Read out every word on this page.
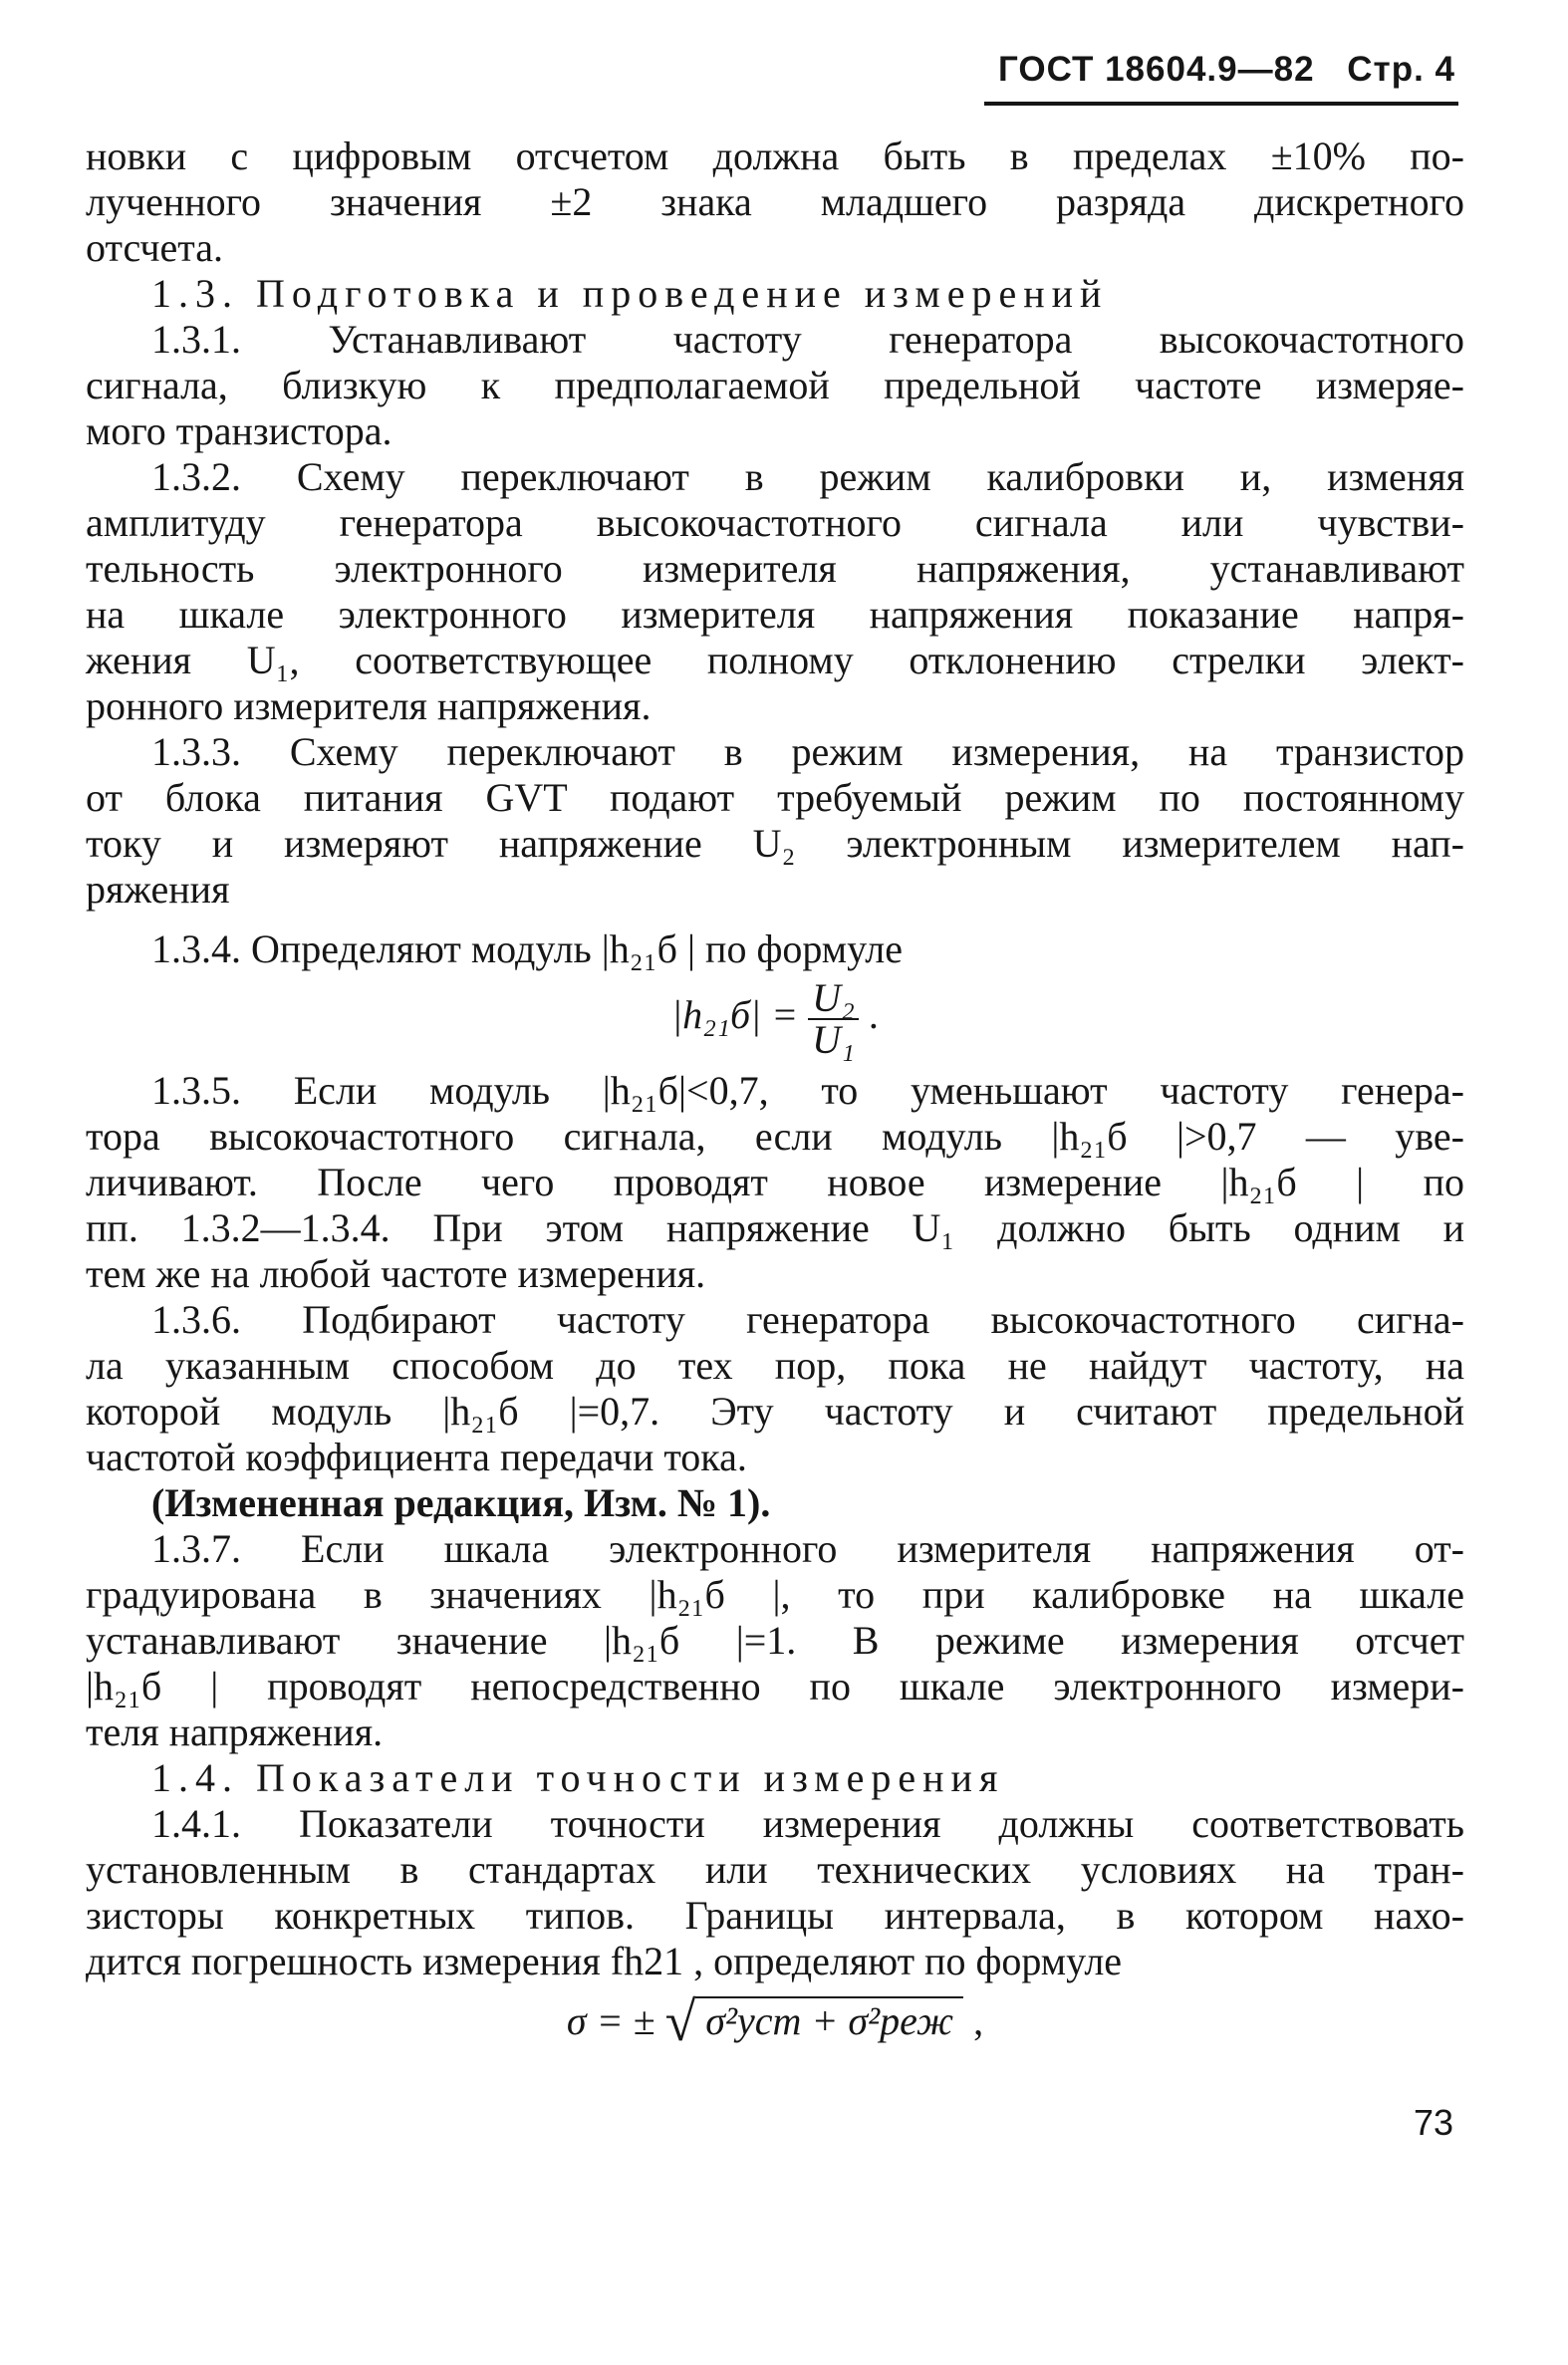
ГОСТ 18604.9—82 Стр. 4
новки с цифровым отсчетом должна быть в пределах ±10% по-
лученного значения ±2 знака младшего разряда дискретного
отсчета.
1.3. Подготовка и проведение измерений
1.3.1. Устанавливают частоту генератора высокочастотного
сигнала, близкую к предполагаемой предельной частоте измеряе-
мого транзистора.
1.3.2. Схему переключают в режим калибровки и, изменяя
амплитуду генератора высокочастотного сигнала или чувстви-
тельность электронного измерителя напряжения, устанавливают
на шкале электронного измерителя напряжения показание напря-
жения U₁, соответствующее полному отклонению стрелки элект-
ронного измерителя напряжения.
1.3.3. Схему переключают в режим измерения, на транзистор
от блока питания GVT подают требуемый режим по постоянному
току и измеряют напряжение U₂ электронным измерителем нап-
ряжения
1.3.4. Определяют модуль |h₂₁б | по формуле
$|h_{21}б| = \frac{\text{U₂}}{\text{U₁}}$ .
1.3.5. Если модуль |h₂₁б|<0,7, то уменьшают частоту генера-
тора высокочастотного сигнала, если модуль |h₂₁б |>0,7 — уве-
личивают. После чего проводят новое измерение |h₂₁б | по
пп. 1.3.2—1.3.4. При этом напряжение U₁ должно быть одним и
тем же на любой частоте измерения.
1.3.6. Подбирают частоту генератора высокочастотного сигна-
ла указанным способом до тех пор, пока не найдут частоту, на
которой модуль |h₂₁б |=0,7. Эту частоту и считают предельной
частотой коэффициента передачи тока.
(Измененная редакция, Изм. № 1).
1.3.7. Если шкала электронного измерителя напряжения от-
градуирована в значениях |h₂₁б |, то при калибровке на шкале
устанавливают значение |h₂₁б |=1. В режиме измерения отсчет
|h₂₁б | проводят непосредственно по шкале электронного измери-
теля напряжения.
1.4. Показатели точности измерения
1.4.1. Показатели точности измерения должны соответствовать
установленным в стандартах или технических условиях на тран-
зисторы конкретных типов. Границы интервала, в котором нахо-
дится погрешность измерения fh21 , определяют по формуле
σ = ± √ σ²уст + σ²реж ,
73
